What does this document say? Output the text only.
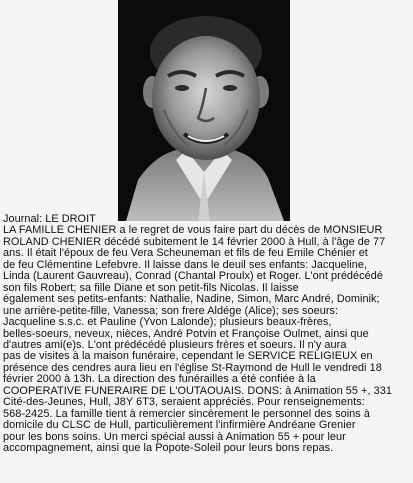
Journal: LE DROIT
LA FAMILLE CHÉNIER a le regret de vous faire part du décès de MONSIEUR
ROLAND CHÉNIER décédé subitement le 14 février 2000 à Hull, à l'âge de 77
ans. Il était l'époux de feu Vera Scheuneman et fils de feu Emile Chénier et
de feu Clémentine Lefebvre. Il laisse dans le deuil ses enfants: Jacqueline,
Linda (Laurent Gauvreau), Conrad (Chantal Proulx) et Roger. L'ont prédécédé
son fils Robert; sa fille Diane et son petit-fils Nicolas. Il laisse
également ses petits-enfants: Nathalie, Nadine, Simon, Marc André, Dominik;
une arrière-petite-fille, Vanessa; son frere Aldége (Alice); ses soeurs:
Jacqueline s.s.c. et Pauline (Yvon Lalonde); plusieurs beaux-frères,
belles-soeurs, neveux, nièces, André Potvin et Françoise Oulmet, ainsi que
d'autres ami(e)s. L'ont prédécédé plusieurs frères et soeurs. Il n'y aura
pas de visites à la maison funéraire, cependant le SERVICE RELIGIEUX en
présence des cendres aura lieu en l'église St-Raymond de Hull le vendredi 18
février 2000 à 13h. La direction des funérailles a été confiée à la
COOPÉRATIVE FUNÉRAIRE DE L'OUTAOUAIS. DONS: à Animation 55 +, 331
Cité-des-Jeunes, Hull, J8Y 6T3, seraient appréciés. Pour renseignements:
568-2425. La famille tient à remercier sincèrement le personnel des soins à
domicile du CLSC de Hull, particulièrement l'infirmière Andréane Grenier
pour les bons soins. Un merci spécial aussi à Animation 55 + pour leur
accompagnement, ainsi que la Popote-Soleil pour leurs bons repas.
